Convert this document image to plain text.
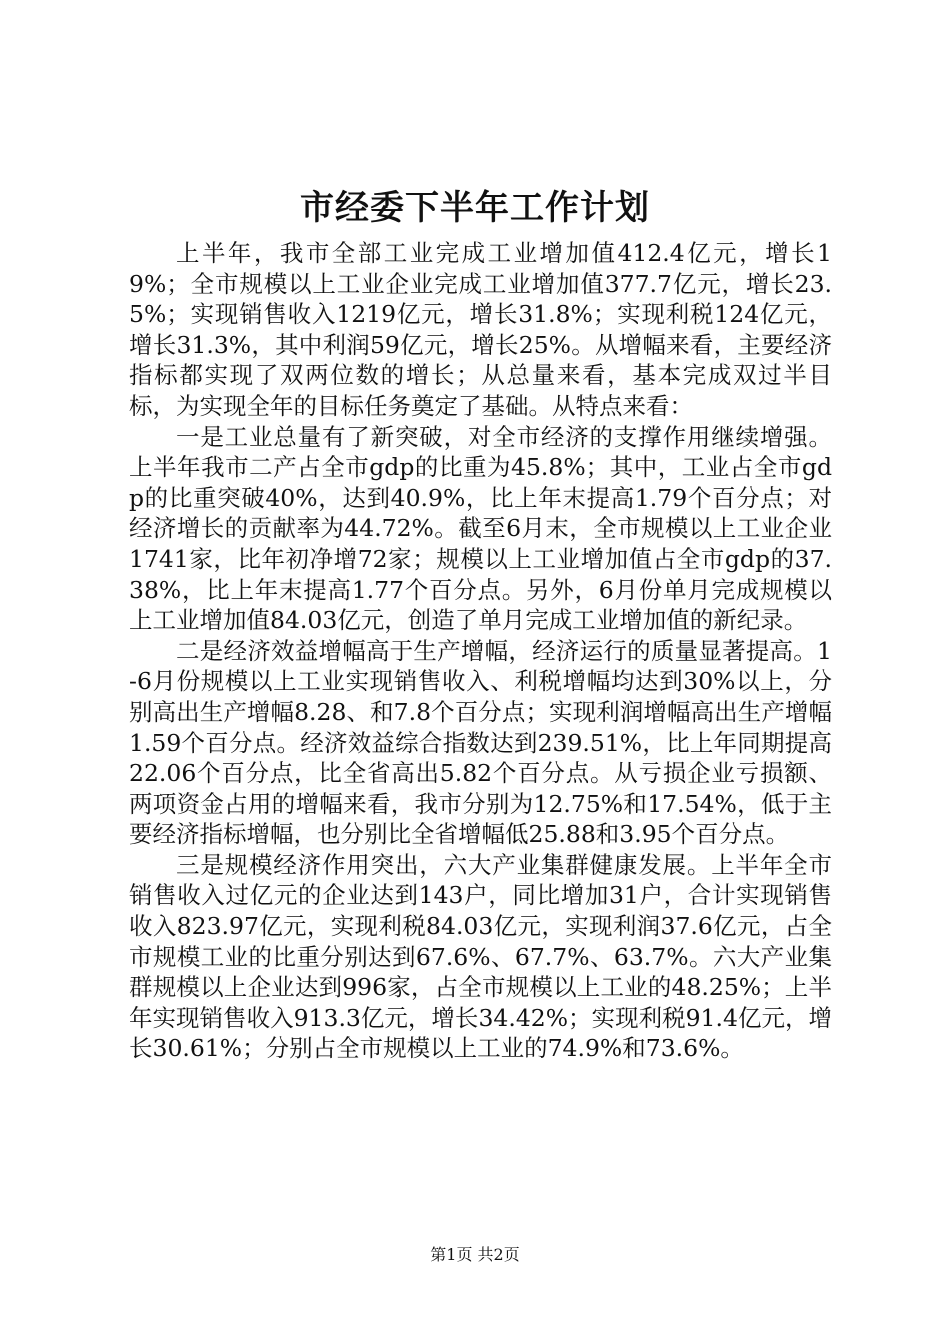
市经委下半年工作计划

上半年，我市全部工业完成工业增加值412.4亿元，增长19%；全市规模以上工业企业完成工业增加值377.7亿元，增长23.5%；实现销售收入1219亿元，增长31.8%；实现利税124亿元，增长31.3%，其中利润59亿元，增长25%。从增幅来看，主要经济指标都实现了双两位数的增长；从总量来看，基本完成双过半目标，为实现全年的目标任务奠定了基础。从特点来看：

一是工业总量有了新突破，对全市经济的支撑作用继续增强。上半年我市二产占全市gdp的比重为45.8%；其中，工业占全市gdp的比重突破40%，达到40.9%，比上年末提高1.79个百分点；对经济增长的贡献率为44.72%。截至6月末，全市规模以上工业企业1741家，比年初净增72家；规模以上工业增加值占全市gdp的37.38%，比上年末提高1.77个百分点。另外，6月份单月完成规模以上工业增加值84.03亿元，创造了单月完成工业增加值的新纪录。

二是经济效益增幅高于生产增幅，经济运行的质量显著提高。1-6月份规模以上工业实现销售收入、利税增幅均达到30%以上，分别高出生产增幅8.28、和7.8个百分点；实现利润增幅高出生产增幅1.59个百分点。经济效益综合指数达到239.51%，比上年同期提高22.06个百分点，比全省高出5.82个百分点。从亏损企业亏损额、两项资金占用的增幅来看，我市分别为12.75%和17.54%，低于主要经济指标增幅，也分别比全省增幅低25.88和3.95个百分点。

三是规模经济作用突出，六大产业集群健康发展。上半年全市销售收入过亿元的企业达到143户，同比增加31户，合计实现销售收入823.97亿元，实现利税84.03亿元，实现利润37.6亿元，占全市规模工业的比重分别达到67.6%、67.7%、63.7%。六大产业集群规模以上企业达到996家，占全市规模以上工业的48.25%；上半年实现销售收入913.3亿元，增长34.42%；实现利税91.4亿元，增长30.61%；分别占全市规模以上工业的74.9%和73.6%。

第1页 共2页
